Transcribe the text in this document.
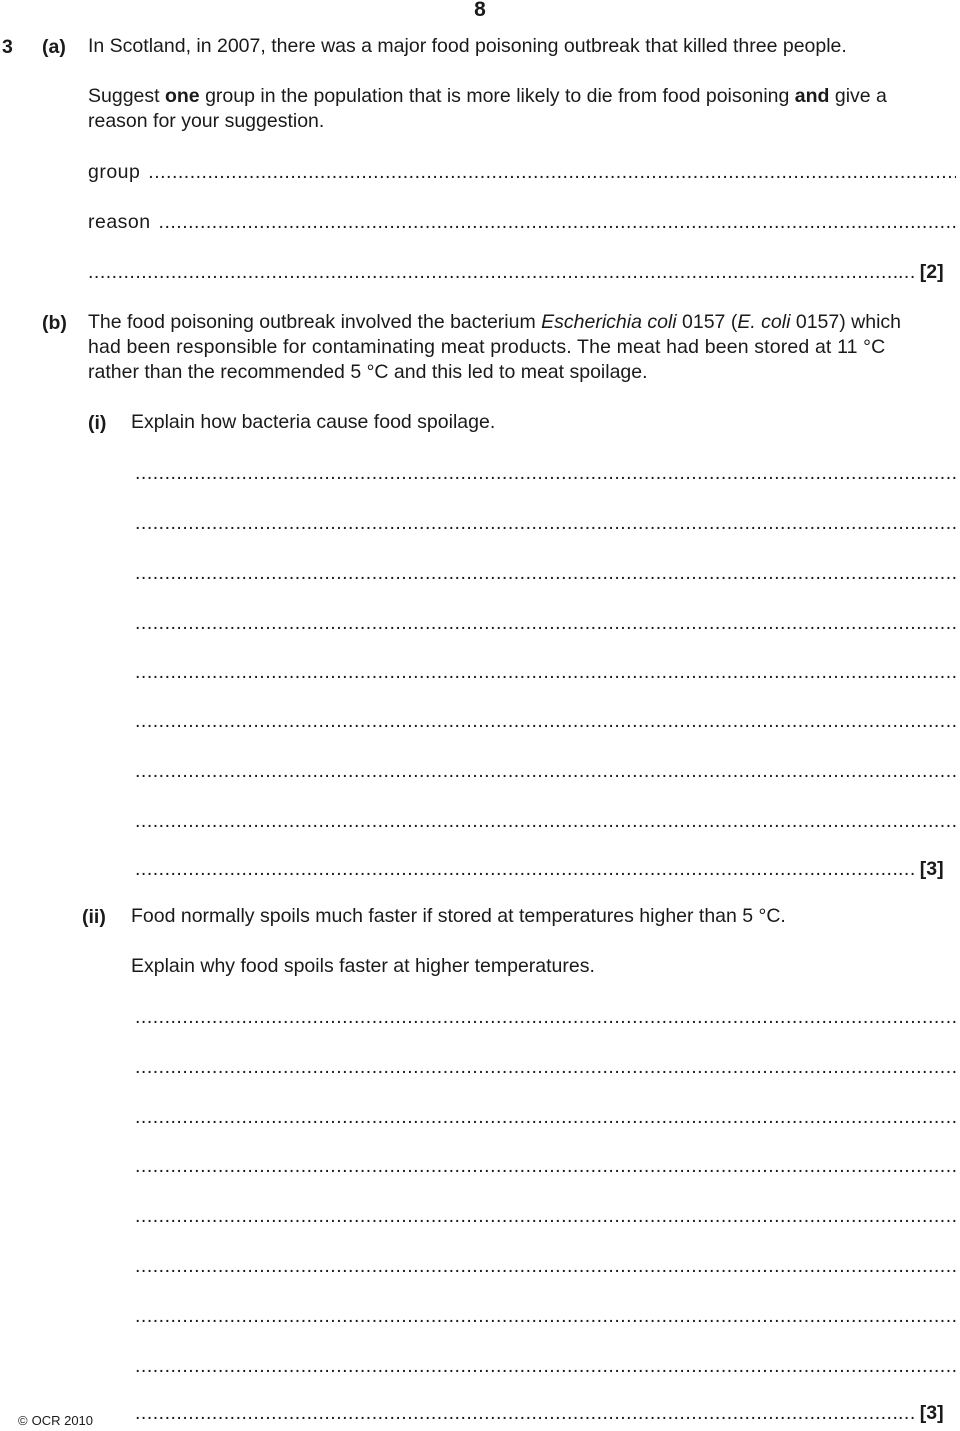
8
3 (a) In Scotland, in 2007, there was a major food poisoning outbreak that killed three people.
Suggest one group in the population that is more likely to die from food poisoning and give a
reason for your suggestion.
group .....
reason .....
.....
... [2]
(b) The food poisoning outbreak involved the bacterium Escherichia coli 0157 (E. coli 0157) which
had been responsible for contaminating meat products. The meat had been stored at 11 °C
rather than the recommended 5 °C and this led to meat spoilage.
(i) Explain how bacteria cause food spoilage.
.....
.....
.....
.....
.....
.....
.....
.....
.....
... [3]
(ii) Food normally spoils much faster if stored at temperatures higher than 5 °C.
Explain why food spoils faster at higher temperatures.
.....
.....
.....
.....
.....
.....
.....
.....
.....
... [3]
© OCR 2010
